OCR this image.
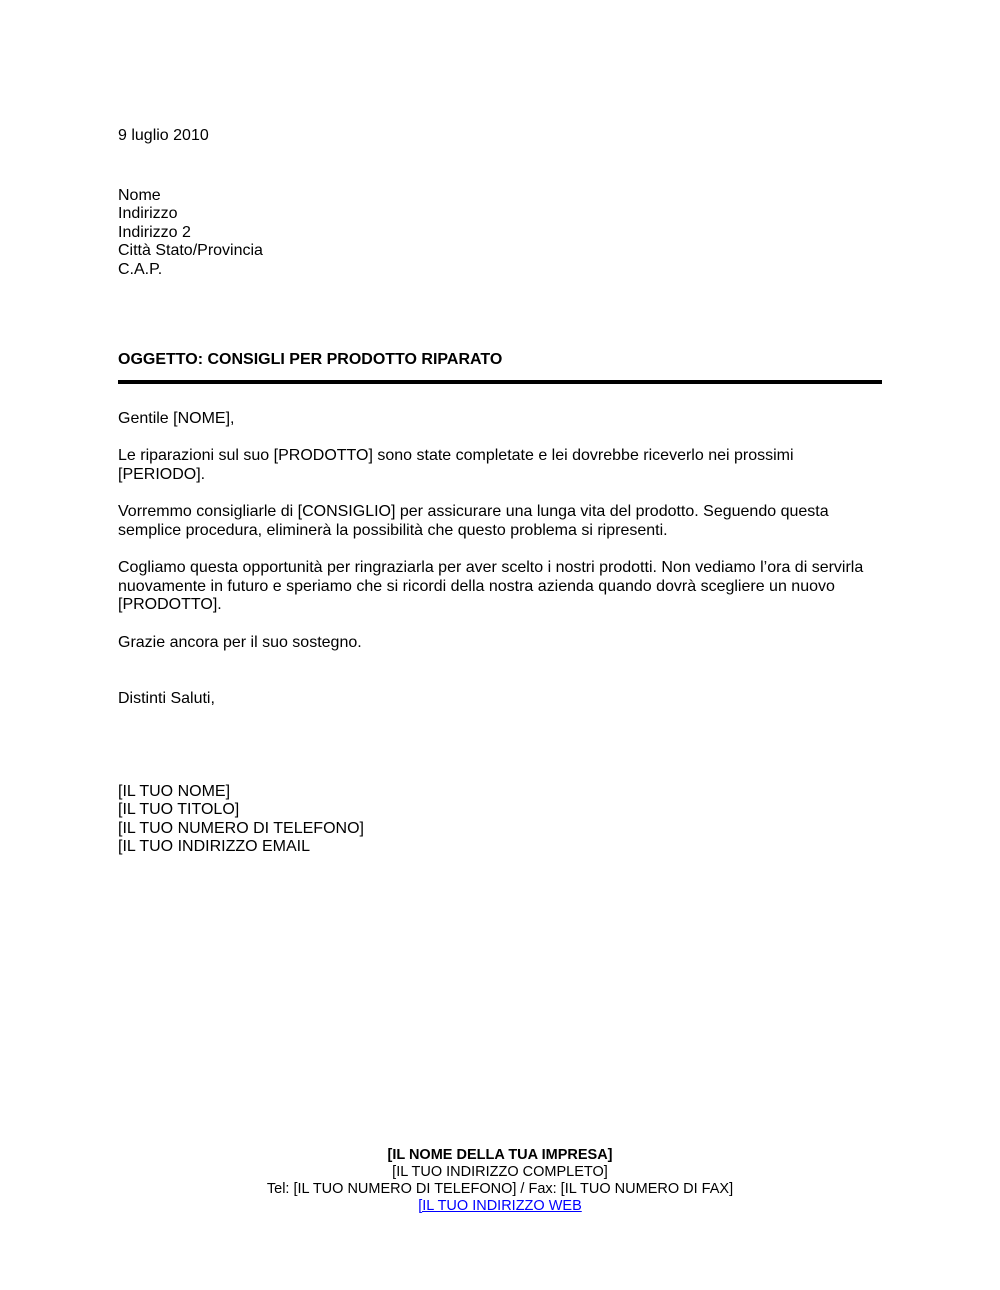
9 luglio 2010
Nome
Indirizzo
Indirizzo 2
Città Stato/Provincia
C.A.P.
OGGETTO: CONSIGLI PER PRODOTTO RIPARATO

Gentile [NOME],

Le riparazioni sul suo [PRODOTTO] sono state completate e lei dovrebbe riceverlo nei prossimi [PERIODO].

Vorremmo consigliarle di [CONSIGLIO] per assicurare una lunga vita del prodotto. Seguendo questa semplice procedura, eliminerà la possibilità che questo problema si ripresenti.

Cogliamo questa opportunità per ringraziarla per aver scelto i nostri prodotti. Non vediamo l’ora di servirla nuovamente in futuro e speriamo che si ricordi della nostra azienda quando dovrà scegliere un nuovo [PRODOTTO].

Grazie ancora per il suo sostegno.

Distinti Saluti,

[IL TUO NOME]
[IL TUO TITOLO]
[IL TUO NUMERO DI TELEFONO]
[IL TUO INDIRIZZO EMAIL
[IL NOME DELLA TUA IMPRESA]
[IL TUO INDIRIZZO COMPLETO]
Tel: [IL TUO NUMERO DI TELEFONO] / Fax: [IL TUO NUMERO DI FAX]
[IL TUO INDIRIZZO WEB
